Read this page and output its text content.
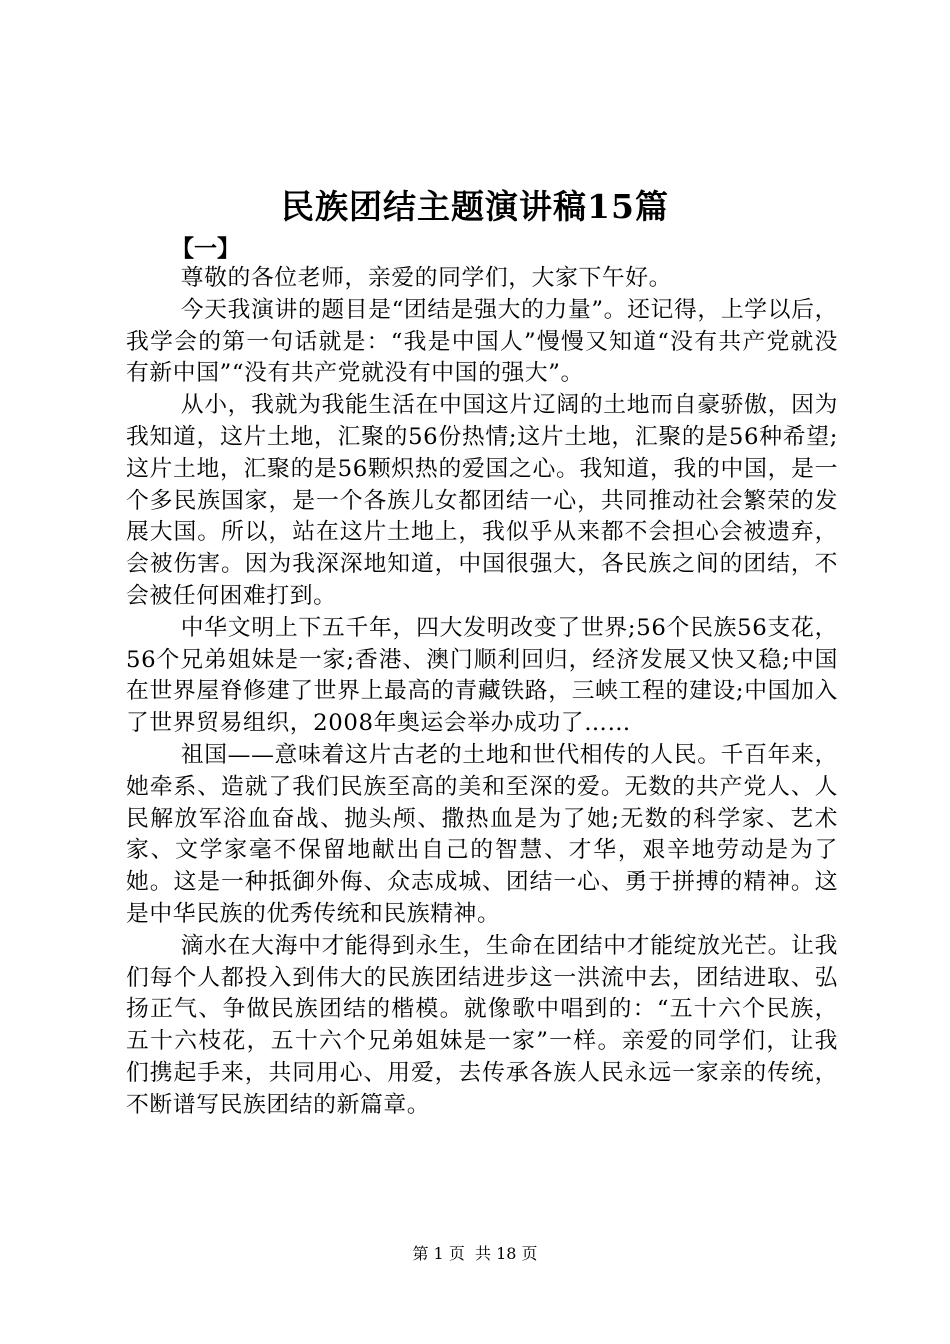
民族团结主题演讲稿15篇
【一】

尊敬的各位老师，亲爱的同学们，大家下午好。

今天我演讲的题目是“团结是强大的力量”。还记得，上学以后，我学会的第一句话就是：“我是中国人”慢慢又知道“没有共产党就没有新中国”“没有共产党就没有中国的强大”。

从小，我就为我能生活在中国这片辽阔的土地而自豪骄傲，因为我知道，这片土地，汇聚的56份热情;这片土地，汇聚的是56种希望;这片土地，汇聚的是56颗炽热的爱国之心。我知道，我的中国，是一个多民族国家，是一个各族儿女都团结一心，共同推动社会繁荣的发展大国。所以，站在这片土地上，我似乎从来都不会担心会被遗弃，会被伤害。因为我深深地知道，中国很强大，各民族之间的团结，不会被任何困难打到。

中华文明上下五千年，四大发明改变了世界;56个民族56支花，56个兄弟姐妹是一家;香港、澳门顺利回归，经济发展又快又稳;中国在世界屋脊修建了世界上最高的青藏铁路，三峡工程的建设;中国加入了世界贸易组织，2008年奥运会举办成功了……

祖国——意味着这片古老的土地和世代相传的人民。千百年来，她牵系、造就了我们民族至高的美和至深的爱。无数的共产党人、人民解放军浴血奋战、抛头颅、撒热血是为了她;无数的科学家、艺术家、文学家毫不保留地献出自己的智慧、才华，艰辛地劳动是为了她。这是一种抵御外侮、众志成城、团结一心、勇于拼搏的精神。这是中华民族的优秀传统和民族精神。

滴水在大海中才能得到永生，生命在团结中才能绽放光芒。让我们每个人都投入到伟大的民族团结进步这一洪流中去，团结进取、弘扬正气、争做民族团结的楷模。就像歌中唱到的：“五十六个民族，五十六枝花，五十六个兄弟姐妹是一家”一样。亲爱的同学们，让我们携起手来，共同用心、用爱，去传承各族人民永远一家亲的传统，不断谱写民族团结的新篇章。

第 1 页  共 18 页
